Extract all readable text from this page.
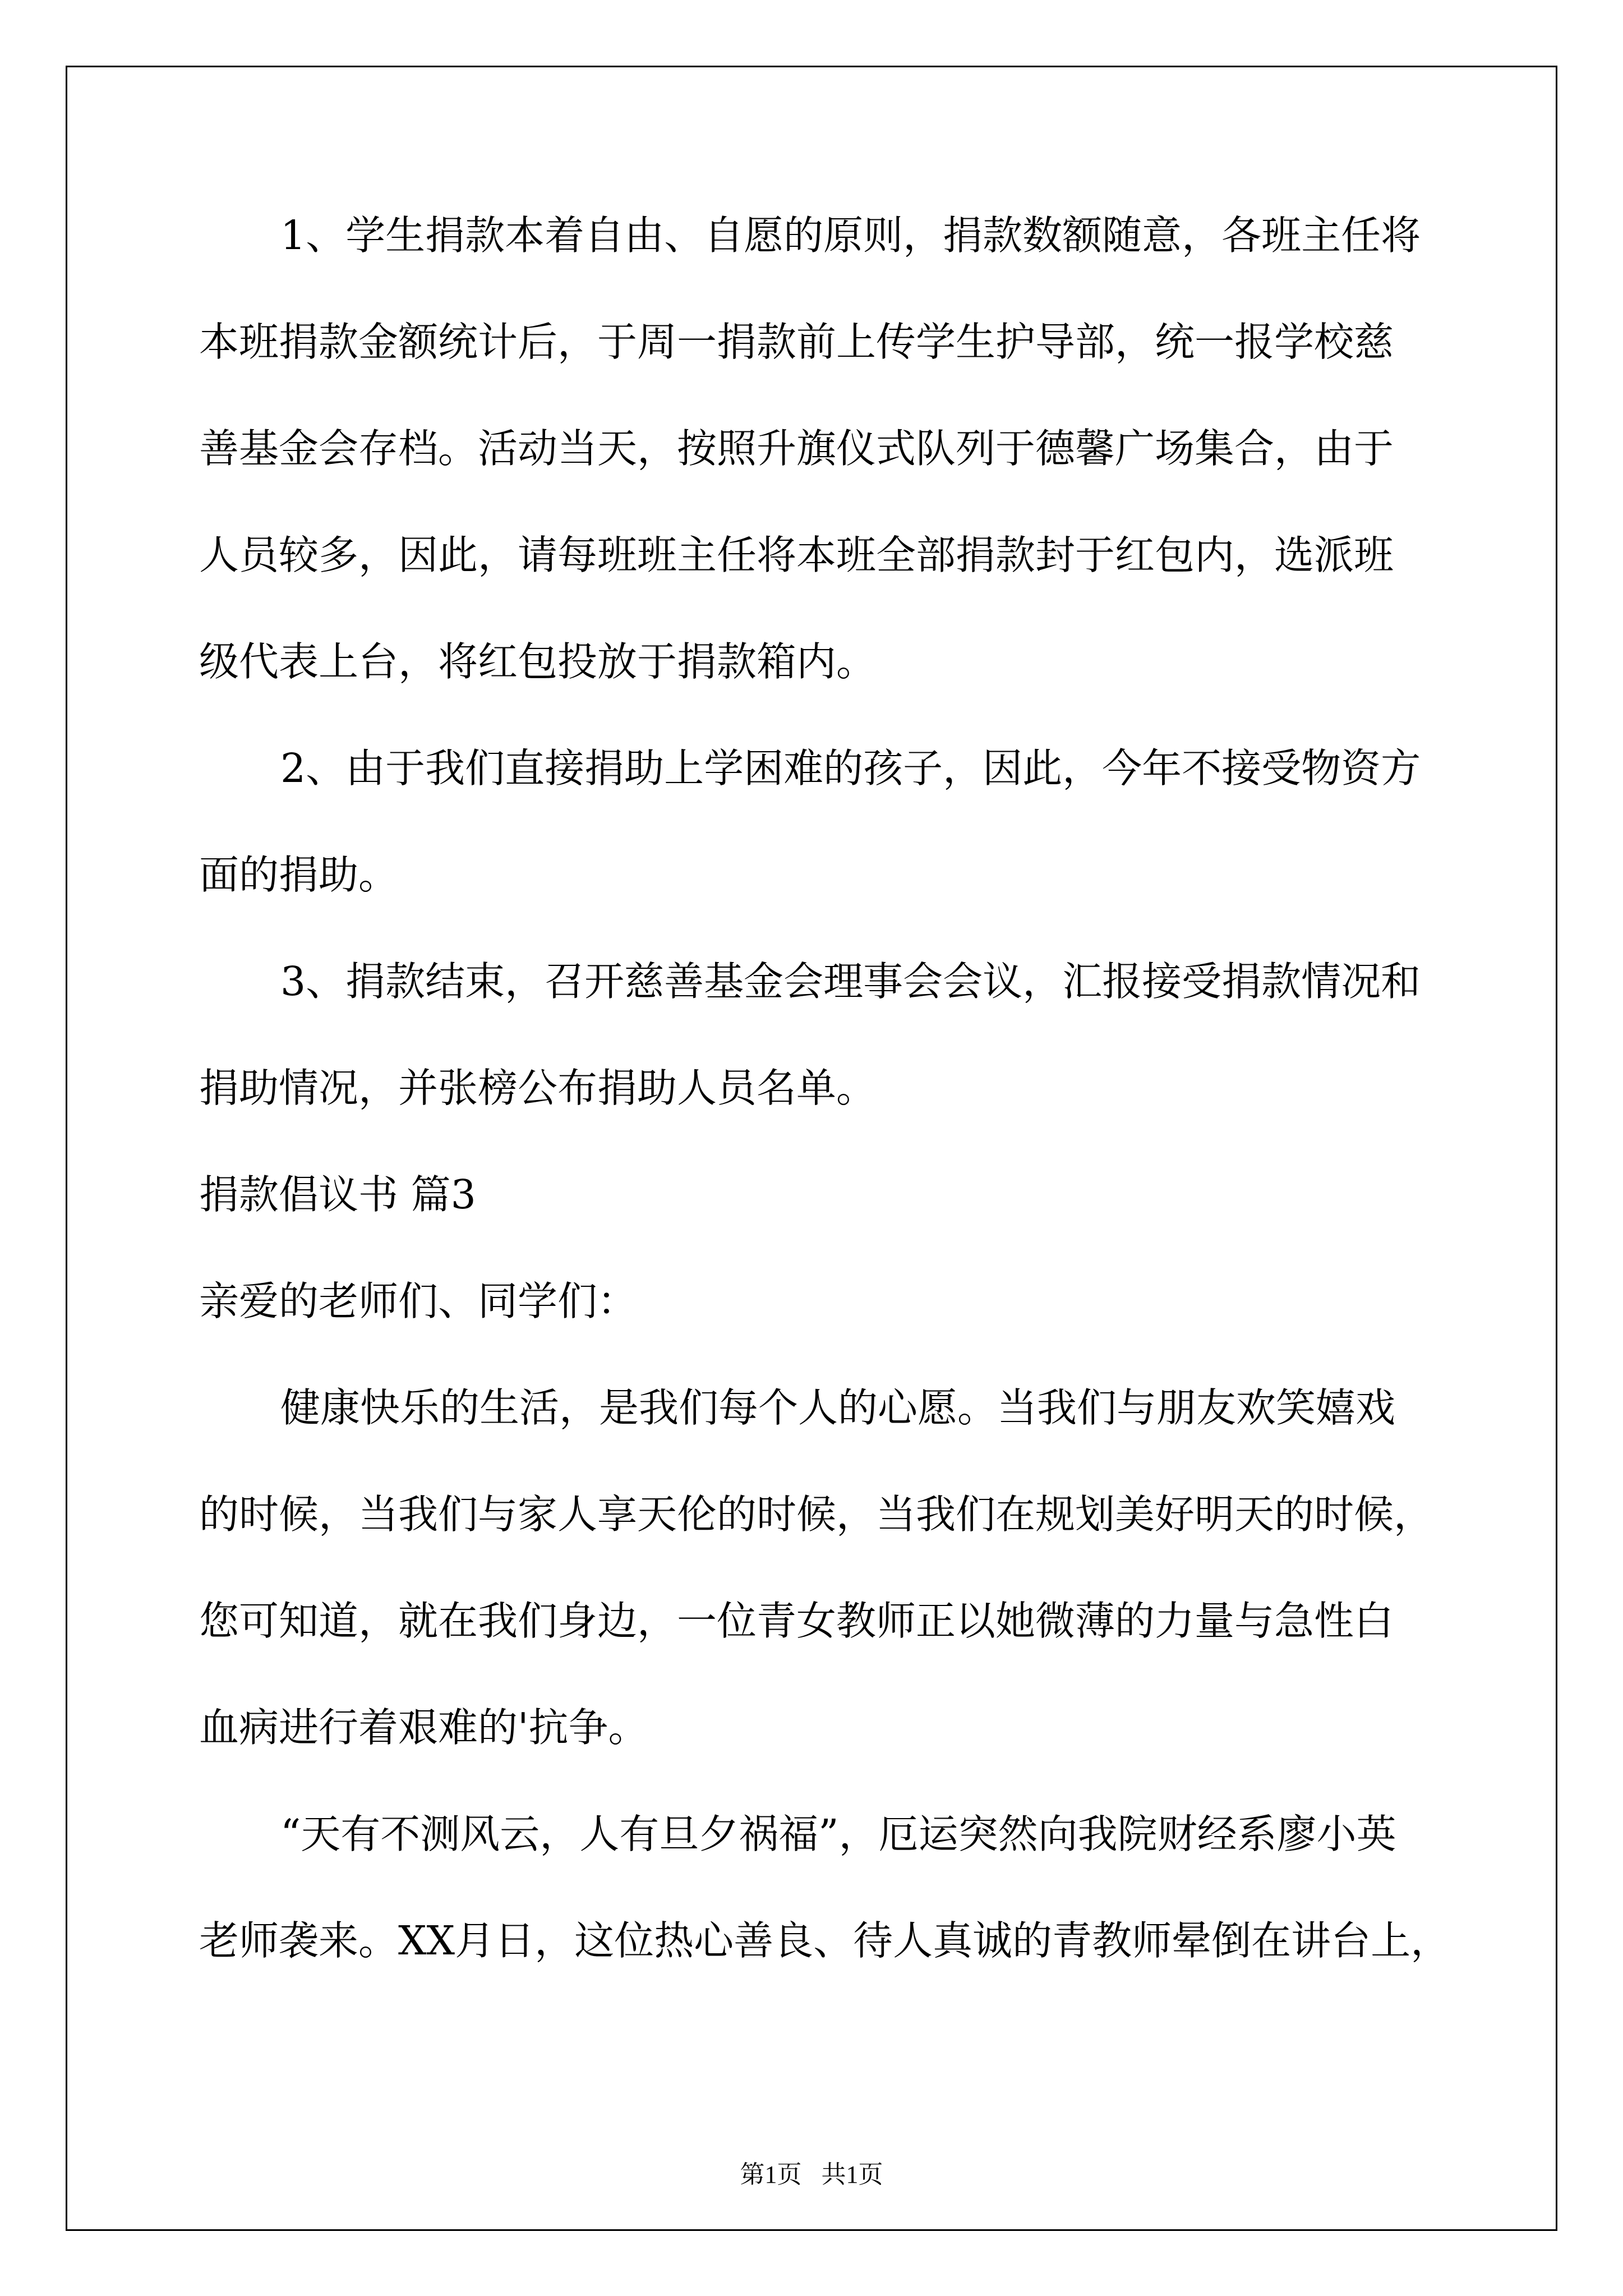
1、学生捐款本着自由、自愿的原则，捐款数额随意，各班主任将
本班捐款金额统计后，于周一捐款前上传学生护导部，统一报学校慈
善基金会存档。活动当天，按照升旗仪式队列于德馨广场集合，由于
人员较多，因此，请每班班主任将本班全部捐款封于红包内，选派班
级代表上台，将红包投放于捐款箱内。
2、由于我们直接捐助上学困难的孩子，因此，今年不接受物资方
面的捐助。
3、捐款结束，召开慈善基金会理事会会议，汇报接受捐款情况和
捐助情况，并张榜公布捐助人员名单。
捐款倡议书 篇3
亲爱的老师们、同学们：
健康快乐的生活，是我们每个人的心愿。当我们与朋友欢笑嬉戏
的时候，当我们与家人享天伦的时候，当我们在规划美好明天的时候，
您可知道，就在我们身边，一位青女教师正以她微薄的力量与急性白
血病进行着艰难的'抗争。
“天有不测风云，人有旦夕祸福”，厄运突然向我院财经系廖小英
老师袭来。XX月日，这位热心善良、待人真诚的青教师晕倒在讲台上，
第1页 共1页
